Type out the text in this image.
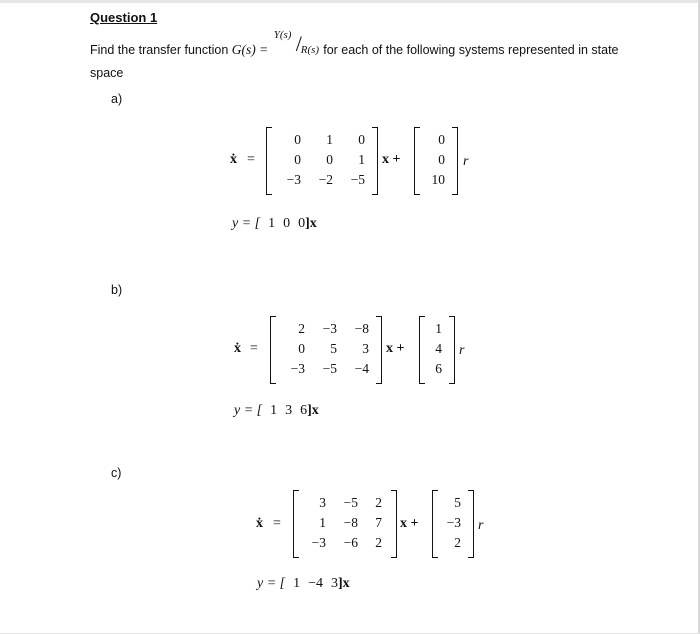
Question 1
Find the transfer function G(s) =
Y(s) /
R(s) for each of the following systems represented in state
space
a)
ẋ =
0	1	0
0	0	1
−3	−2	−5
x +
0
0
10
r
y = [ 1 0 0]x
b)
ẋ =
2	−3	−8
0	5	3
−3	−5	−4
x +
1
4
6
r
y = [ 1 3 6]x
c)
ẋ =
3	−5	2
1	−8	7
−3	−6	2
x +
5
−3
2
r
y = [ 1 −4 3]x
